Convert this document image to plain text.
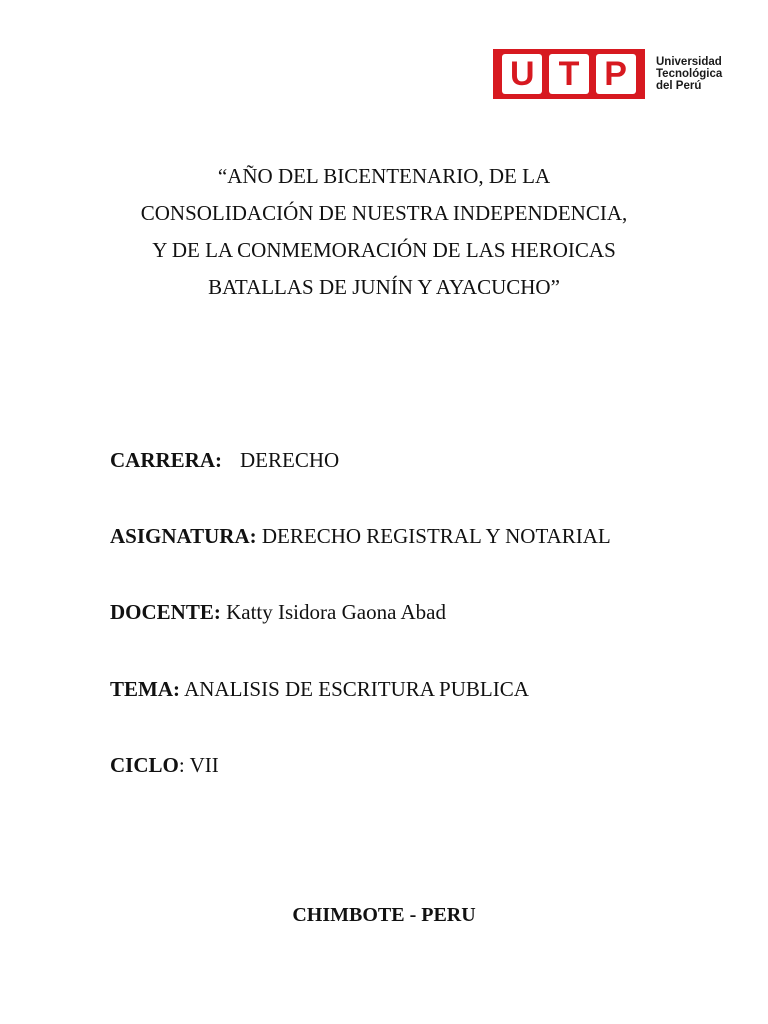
U T P	Universidad
Tecnológica
del Perú
“AÑO DEL BICENTENARIO, DE LA
CONSOLIDACIÓN DE NUESTRA INDEPENDENCIA,
Y DE LA CONMEMORACIÓN DE LAS HEROICAS
BATALLAS DE JUNÍN Y AYACUCHO”
CARRERA: DERECHO
ASIGNATURA: DERECHO REGISTRAL Y NOTARIAL
DOCENTE: Katty Isidora Gaona Abad
TEMA: ANALISIS DE ESCRITURA PUBLICA
CICLO: VII
CHIMBOTE - PERU
